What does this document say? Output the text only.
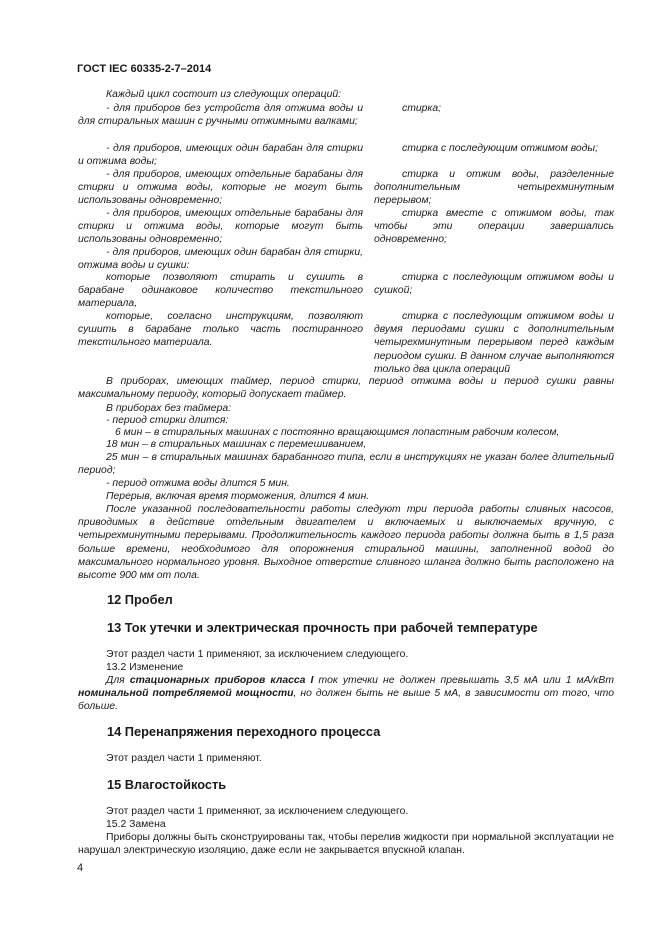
ГОСТ IEC 60335-2-7–2014
Каждый цикл состоит из следующих операций:
- для приборов без устройств для отжима воды и для стиральных машин с ручными отжимными валками;
стирка;
- для приборов, имеющих один барабан для стирки и отжима воды;
стирка с последующим отжимом воды;
- для приборов, имеющих отдельные барабаны для стирки и отжима воды, которые не могут быть использованы одновременно;
стирка и отжим воды, разделенные дополнительным четырехминутным перерывом;
- для приборов, имеющих отдельные барабаны для стирки и отжима воды, которые могут быть использованы одновременно;
стирка вместе с отжимом воды, так чтобы эти операции завершались одновременно;
- для приборов, имеющих один барабан для стирки, отжима воды и сушки:
которые позволяют стирать и сушить в барабане одинаковое количество текстильного материала,
стирка с последующим отжимом воды и сушкой;
которые, согласно инструкциям, позволяют сушить в барабане только часть постиранного текстильного материала.
стирка с последующим отжимом воды и двумя периодами сушки с дополнительным четырехминутным перерывом перед каждым периодом сушки. В данном случае выполняются только два цикла операций
В приборах, имеющих таймер, период стирки, период отжима воды и период сушки равны максимальному периоду, который допускает таймер.
В приборах без таймера:
- период стирки длится:
6 мин – в стиральных машинах с постоянно вращающимся лопастным рабочим колесом,
18 мин – в стиральных машинах с перемешиванием,
25 мин – в стиральных машинах барабанного типа, если в инструкциях не указан более длительный период;
- период отжима воды длится 5 мин.
Перерыв, включая время торможения, длится 4 мин.
После указанной последовательности работы следуют три периода работы сливных насосов, приводимых в действие отдельным двигателем и включаемых и выключаемых вручную, с четырехминутными перерывами. Продолжительность каждого периода работы должна быть в 1,5 раза больше времени, необходимого для опорожнения стиральной машины, заполненной водой до максимального нормального уровня. Выходное отверстие сливного шланга должно быть расположено на высоте 900 мм от пола.
12 Пробел
13 Ток утечки и электрическая прочность при рабочей температуре
Этот раздел части 1 применяют, за исключением следующего.
13.2 Изменение
Для стационарных приборов класса I ток утечки не должен превышать 3,5 мА или 1 мА/кВт номинальной потребляемой мощности, но должен быть не выше 5 мА, в зависимости от того, что больше.
14 Перенапряжения переходного процесса
Этот раздел части 1 применяют.
15 Влагостойкость
Этот раздел части 1 применяют, за исключением следующего.
15.2 Замена
Приборы должны быть сконструированы так, чтобы перелив жидкости при нормальной эксплуатации не нарушал электрическую изоляцию, даже если не закрывается впускной клапан.
4
